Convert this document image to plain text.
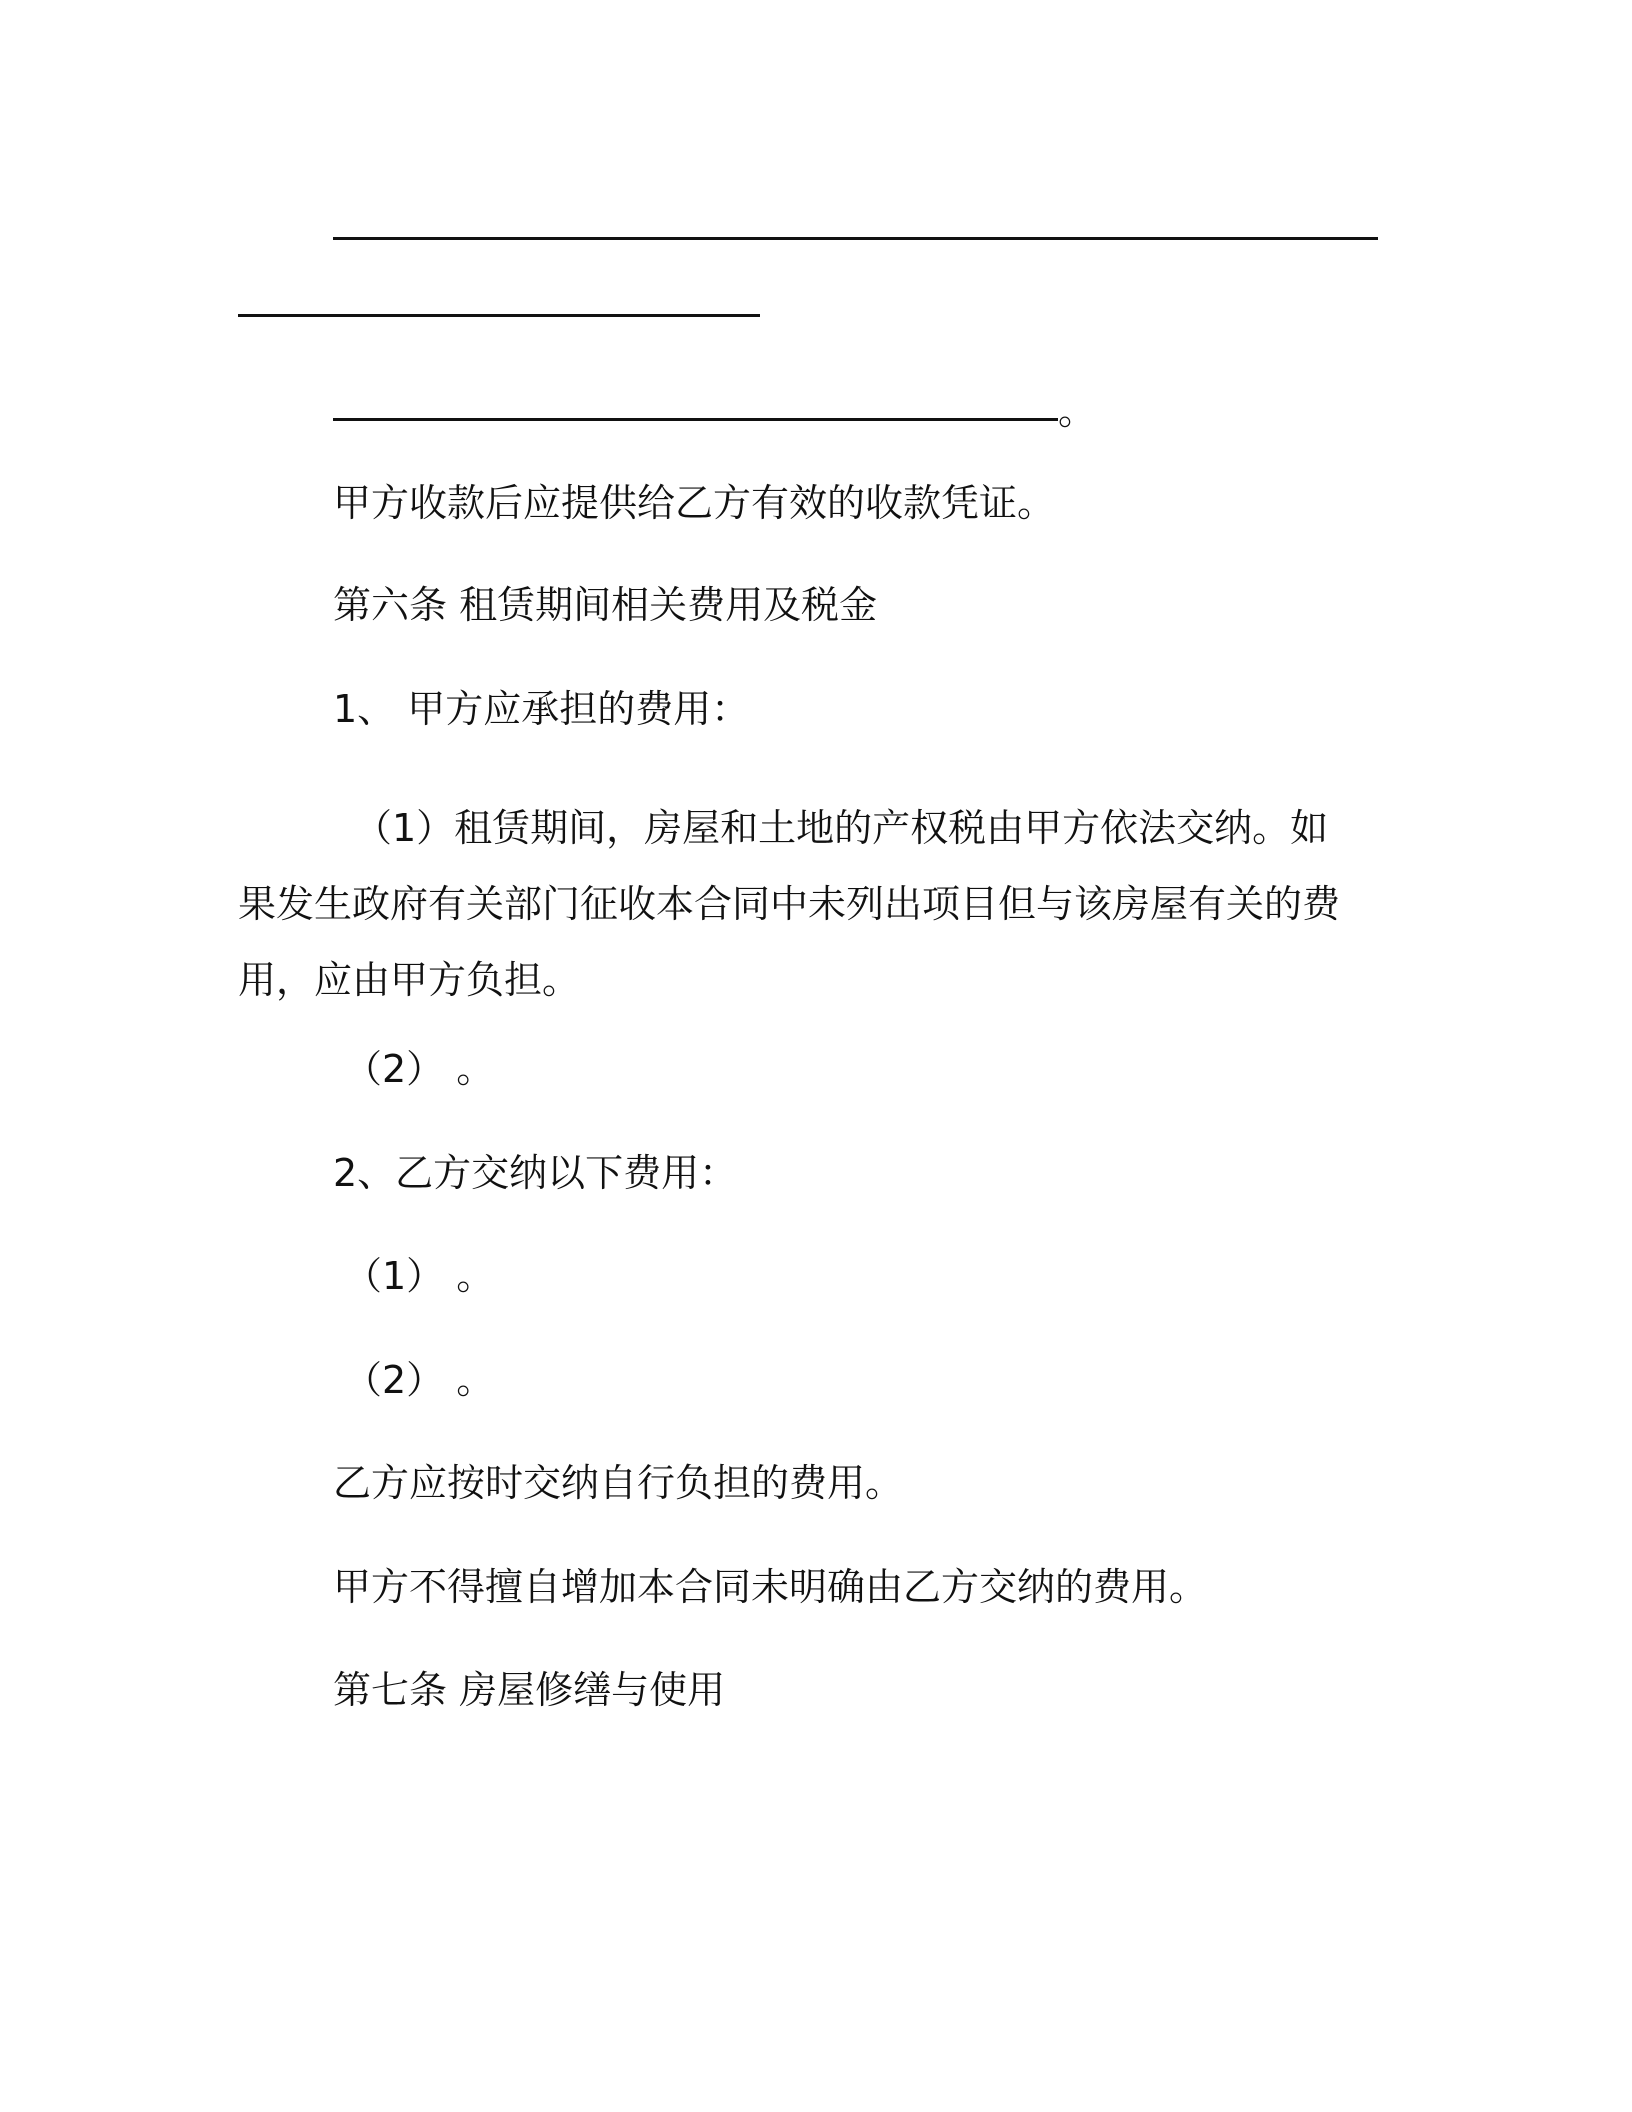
。
甲方收款后应提供给乙方有效的收款凭证。
第六条 租赁期间相关费用及税金
1、 甲方应承担的费用：
（1）租赁期间，房屋和土地的产权税由甲方依法交纳。如果发生政府有关部门征收本合同中未列出项目但与该房屋有关的费用，应由甲方负担。
（2） 。
2、乙方交纳以下费用：
（1） 。
（2） 。
乙方应按时交纳自行负担的费用。
甲方不得擅自增加本合同未明确由乙方交纳的费用。
第七条 房屋修缮与使用
